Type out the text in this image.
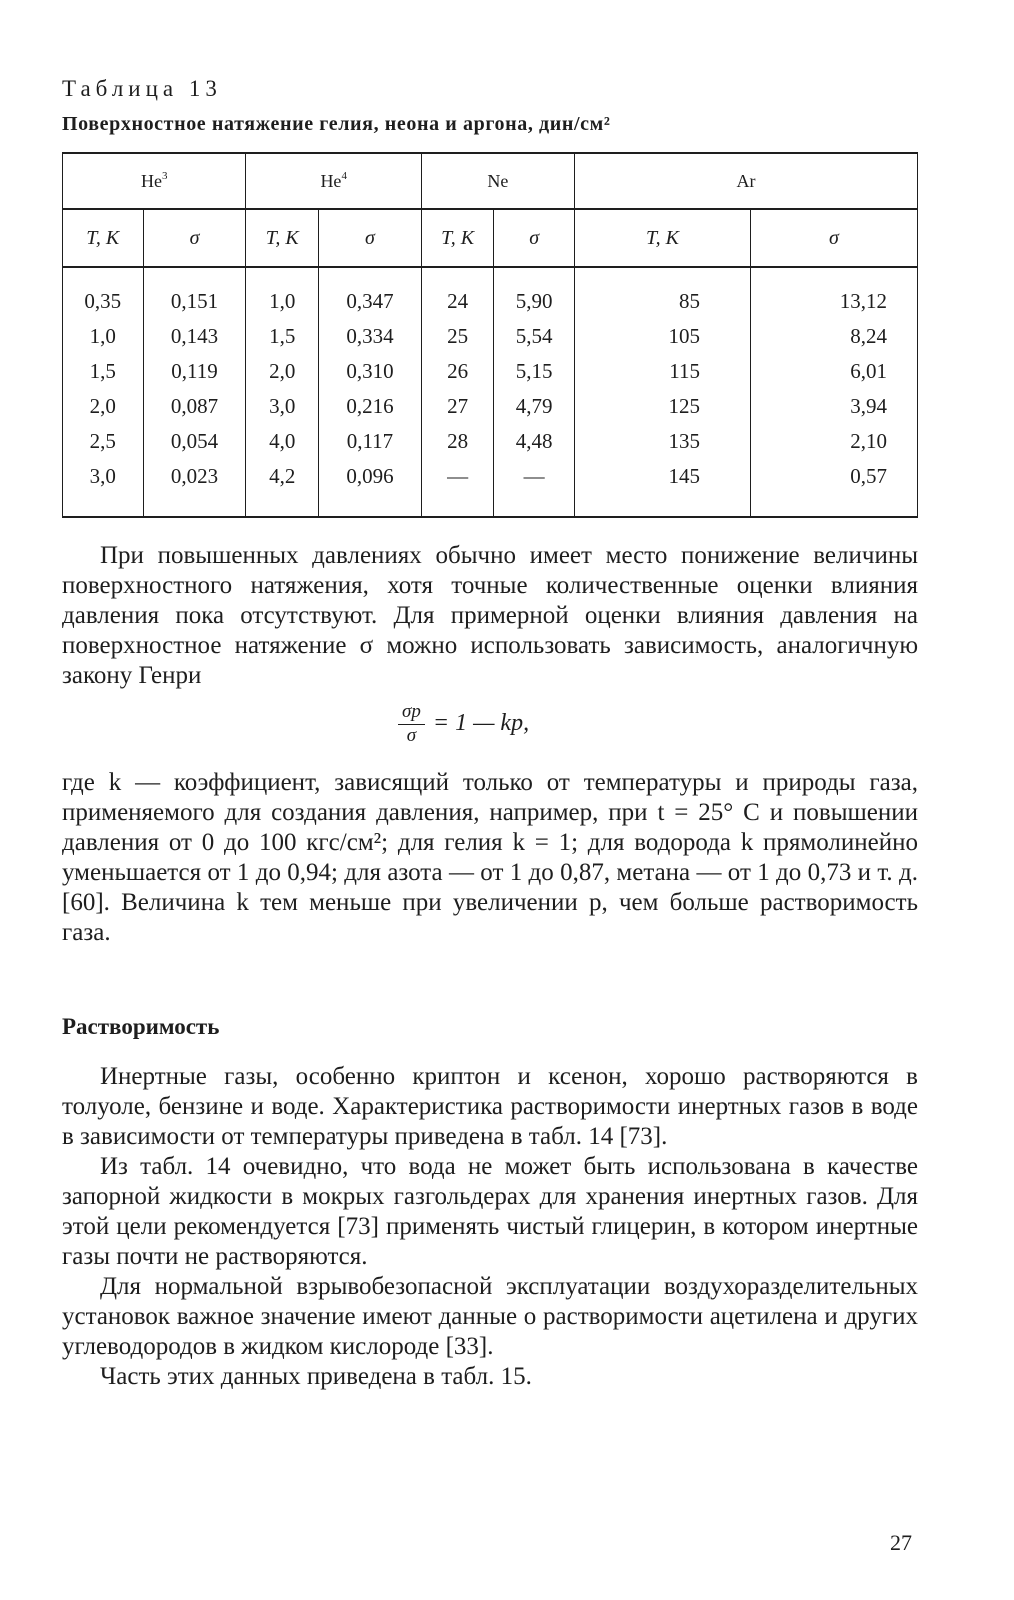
Таблица 13
Поверхностное натяжение гелия, неона и аргона, дин/см²
He$^3$		He$^4$		Ne		Ar	
T, K	σ	T, K	σ	T, K	σ	T, K	σ
0,35	0,151	1,0	0,347	24	5,90	85	13,12
1,0	0,143	1,5	0,334	25	5,54	105	8,24
1,5	0,119	2,0	0,310	26	5,15	115	6,01
2,0	0,087	3,0	0,216	27	4,79	125	3,94
2,5	0,054	4,0	0,117	28	4,48	135	2,10
3,0	0,023	4,2	0,096	—	—	145	0,57

При повышенных давлениях обычно имеет место понижение величины поверхностного натяжения, хотя точные количественные оценки влияния давления пока отсутствуют. Для примерной оценки влияния давления на поверхностное натяжение σ можно использовать зависимость, аналогичную закону Генри

$\frac{\sigma p}{\sigma} = 1$ — kp,

где k — коэффициент, зависящий только от температуры и природы газа, применяемого для создания давления, например, при t = 25° С и повышении давления от 0 до 100 кгс/см²; для гелия k = 1; для водорода k прямолинейно уменьшается от 1 до 0,94; для азота — от 1 до 0,87, метана — от 1 до 0,73 и т. д. [60]. Величина k тем меньше при увеличении p, чем больше растворимость газа.

Растворимость

Инертные газы, особенно криптон и ксенон, хорошо растворяются в толуоле, бензине и воде. Характеристика растворимости инертных газов в воде в зависимости от температуры приведена в табл. 14 [73].

Из табл. 14 очевидно, что вода не может быть использована в качестве запорной жидкости в мокрых газгольдерах для хранения инертных газов. Для этой цели рекомендуется [73] применять чистый глицерин, в котором инертные газы почти не растворяются.

Для нормальной взрывобезопасной эксплуатации воздухоразделительных установок важное значение имеют данные о растворимости ацетилена и других углеводородов в жидком кислороде [33].

Часть этих данных приведена в табл. 15.

27
